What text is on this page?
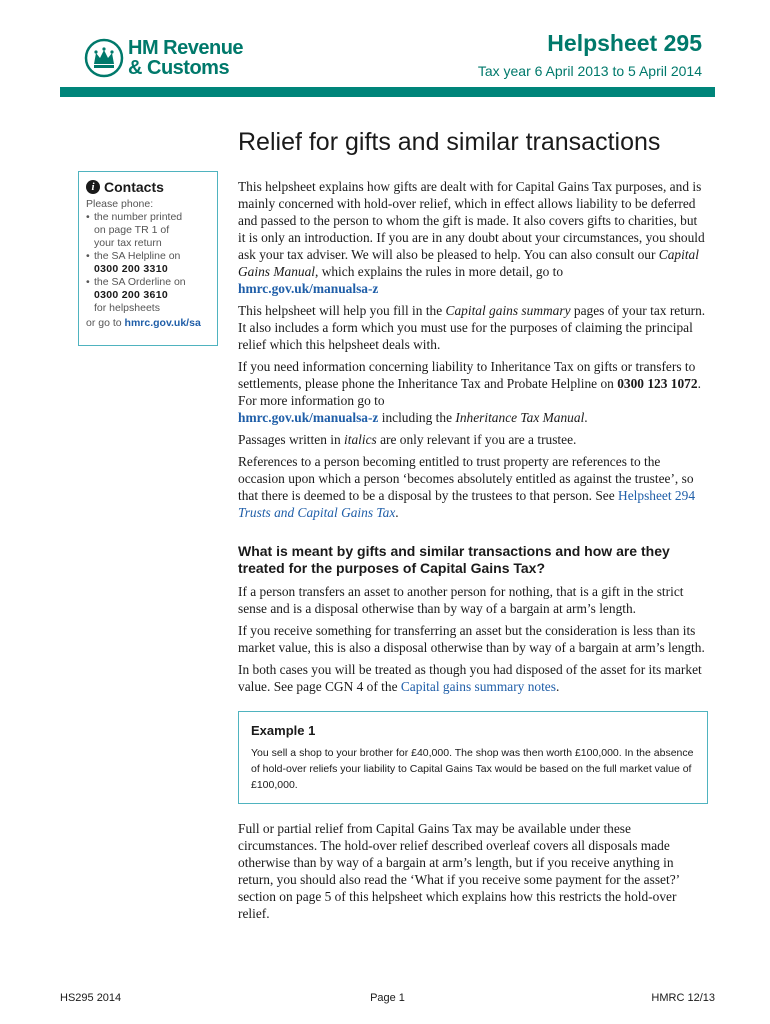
HM Revenue
& Customs
Helpsheet 295
Tax year 6 April 2013 to 5 April 2014
Relief for gifts and similar transactions
i Contacts
Please phone:
• the number printed
on page TR 1 of
your tax return
• the SA Helpline on
0300 200 3310
• the SA Orderline on
0300 200 3610
for helpsheets
or go to hmrc.gov.uk/sa

This helpsheet explains how gifts are dealt with for Capital Gains Tax purposes, and is mainly concerned with hold-over relief, which in effect allows liability to be deferred and passed to the person to whom the gift is made. It also covers gifts to charities, but it is only an introduction. If you are in any doubt about your circumstances, you should ask your tax adviser. We will also be pleased to help. You can also consult our Capital Gains Manual, which explains the rules in more detail, go to
hmrc.gov.uk/manualsa-z

This helpsheet will help you fill in the Capital gains summary pages of your tax return. It also includes a form which you must use for the purposes of claiming the principal relief which this helpsheet deals with.

If you need information concerning liability to Inheritance Tax on gifts or transfers to settlements, please phone the Inheritance Tax and Probate Helpline on 0300 123 1072. For more information go to
hmrc.gov.uk/manualsa-z including the Inheritance Tax Manual.

Passages written in italics are only relevant if you are a trustee.

References to a person becoming entitled to trust property are references to the occasion upon which a person ‘becomes absolutely entitled as against the trustee’, so that there is deemed to be a disposal by the trustees to that person. See Helpsheet 294 Trusts and Capital Gains Tax.

What is meant by gifts and similar transactions and how are they treated for the purposes of Capital Gains Tax?

If a person transfers an asset to another person for nothing, that is a gift in the strict sense and is a disposal otherwise than by way of a bargain at arm’s length.

If you receive something for transferring an asset but the consideration is less than its market value, this is also a disposal otherwise than by way of a bargain at arm’s length.

In both cases you will be treated as though you had disposed of the asset for its market value. See page CGN 4 of the Capital gains summary notes.

Example 1
You sell a shop to your brother for £40,000. The shop was then worth £100,000. In the absence of hold-over reliefs your liability to Capital Gains Tax would be based on the full market value of £100,000.

Full or partial relief from Capital Gains Tax may be available under these circumstances. The hold-over relief described overleaf covers all disposals made otherwise than by way of a bargain at arm’s length, but if you receive anything in return, you should also read the ‘What if you receive some payment for the asset?’ section on page 5 of this helpsheet which explains how this restricts the hold-over relief.

HS295 2014	Page 1	HMRC 12/13
